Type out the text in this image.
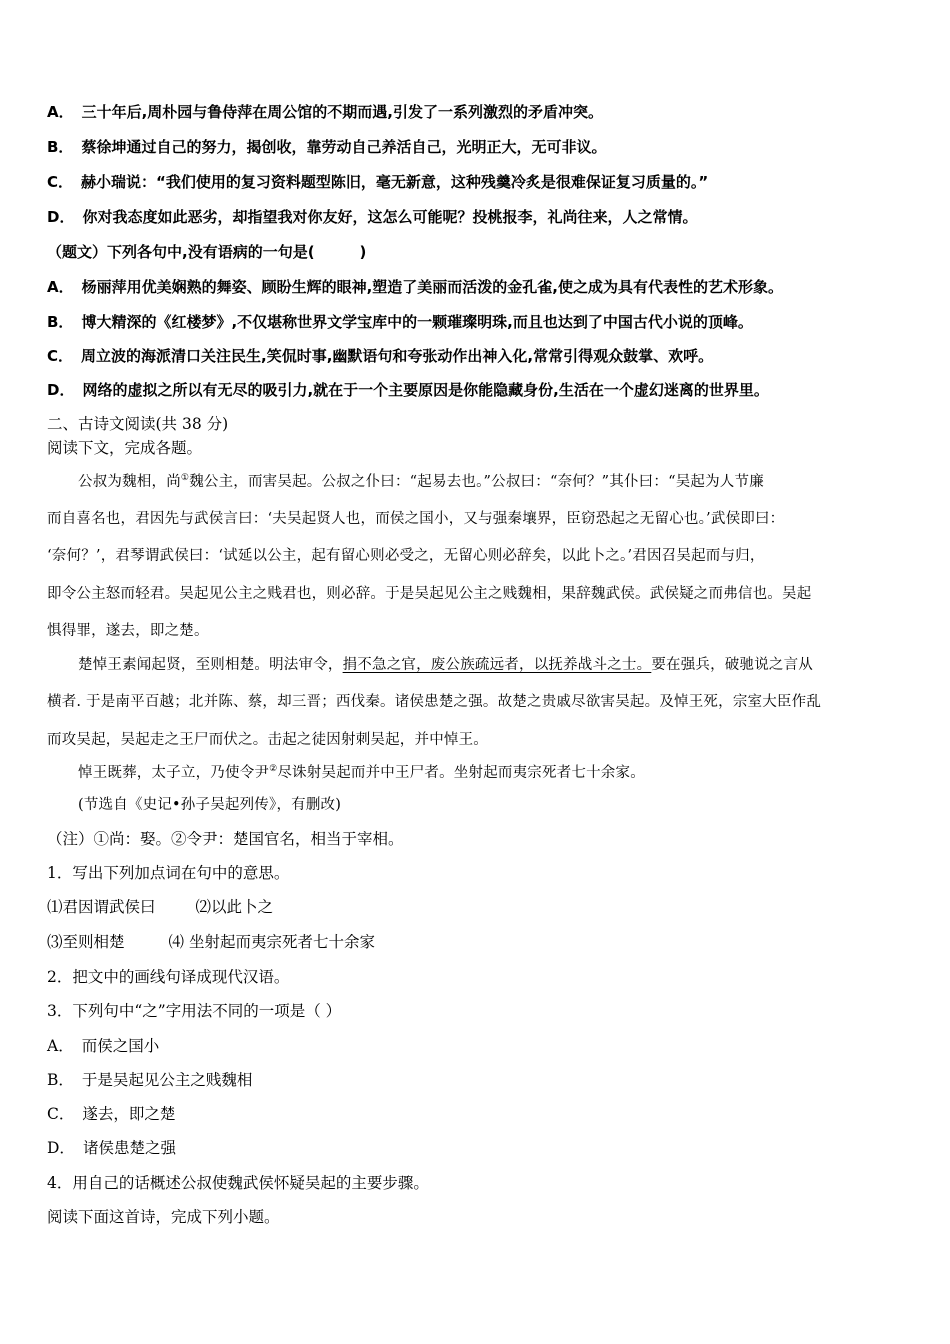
A． 三十年后,周朴园与鲁侍萍在周公馆的不期而遇,引发了一系列激烈的矛盾冲突。
B． 蔡徐坤通过自己的努力，揭创收，靠劳动自己养活自己，光明正大，无可非议。
C． 赫小瑞说：“我们使用的复习资料题型陈旧，毫无新意，这种残羹冷炙是很难保证复习质量的。”
D． 你对我态度如此恶劣，却指望我对你友好，这怎么可能呢？投桃报李，礼尚往来，人之常情。
（题文）下列各句中,没有语病的一句是(　　　)
A． 杨丽萍用优美娴熟的舞姿、顾盼生辉的眼神,塑造了美丽而活泼的金孔雀,使之成为具有代表性的艺术形象。
B． 博大精深的《红楼梦》,不仅堪称世界文学宝库中的一颗璀璨明珠,而且也达到了中国古代小说的顶峰。
C． 周立波的海派清口关注民生,笑侃时事,幽默语句和夸张动作出神入化,常常引得观众鼓掌、欢呼。
D． 网络的虚拟之所以有无尽的吸引力,就在于一个主要原因是你能隐藏身份,生活在一个虚幻迷离的世界里。
二、古诗文阅读(共 38 分)
阅读下文，完成各题。
公叔为魏相，尚①魏公主，而害吴起。公叔之仆曰：“起易去也。”公叔曰：“奈何？”其仆曰：“吴起为人节廉
而自喜名也，君因先与武侯言曰：‘夫吴起贤人也，而侯之国小，又与强秦壤界，臣窃恐起之无留心也。’武侯即曰：
‘奈何？’，君琴谓武侯曰：‘试延以公主，起有留心则必受之，无留心则必辞矣，以此卜之。’君因召吴起而与归，
即令公主怒而轻君。吴起见公主之贱君也，则必辞。于是吴起见公主之贱魏相，果辞魏武侯。武侯疑之而弗信也。吴起
惧得罪，遂去，即之楚。
楚悼王素闻起贤，至则相楚。明法审令，捐不急之官，废公族疏远者，以抚养战斗之士。要在强兵，破驰说之言从
横者. 于是南平百越；北并陈、蔡，却三晋；西伐秦。诸侯患楚之强。故楚之贵戚尽欲害吴起。及悼王死，宗室大臣作乱
而攻吴起，吴起走之王尸而伏之。击起之徒因射刺吴起，并中悼王。
悼王既葬，太子立，乃使令尹②尽诛射吴起而并中王尸者。坐射起而夷宗死者七十余家。
(节选自《史记•孙子吴起列传》，有删改)
（注）①尚：娶。②令尹：楚国官名，相当于宰相。
1．写出下列加点词在句中的意思。
⑴君因谓武侯曰	⑵以此卜之
⑶至则相楚	⑷ 坐射起而夷宗死者七十余家
2．把文中的画线句译成现代汉语。
3．下列句中“之”字用法不同的一项是（ ）
A． 而侯之国小
B． 于是吴起见公主之贱魏相
C． 遂去，即之楚
D． 诸侯患楚之强
4．用自己的话概述公叔使魏武侯怀疑吴起的主要步骤。
阅读下面这首诗，完成下列小题。
